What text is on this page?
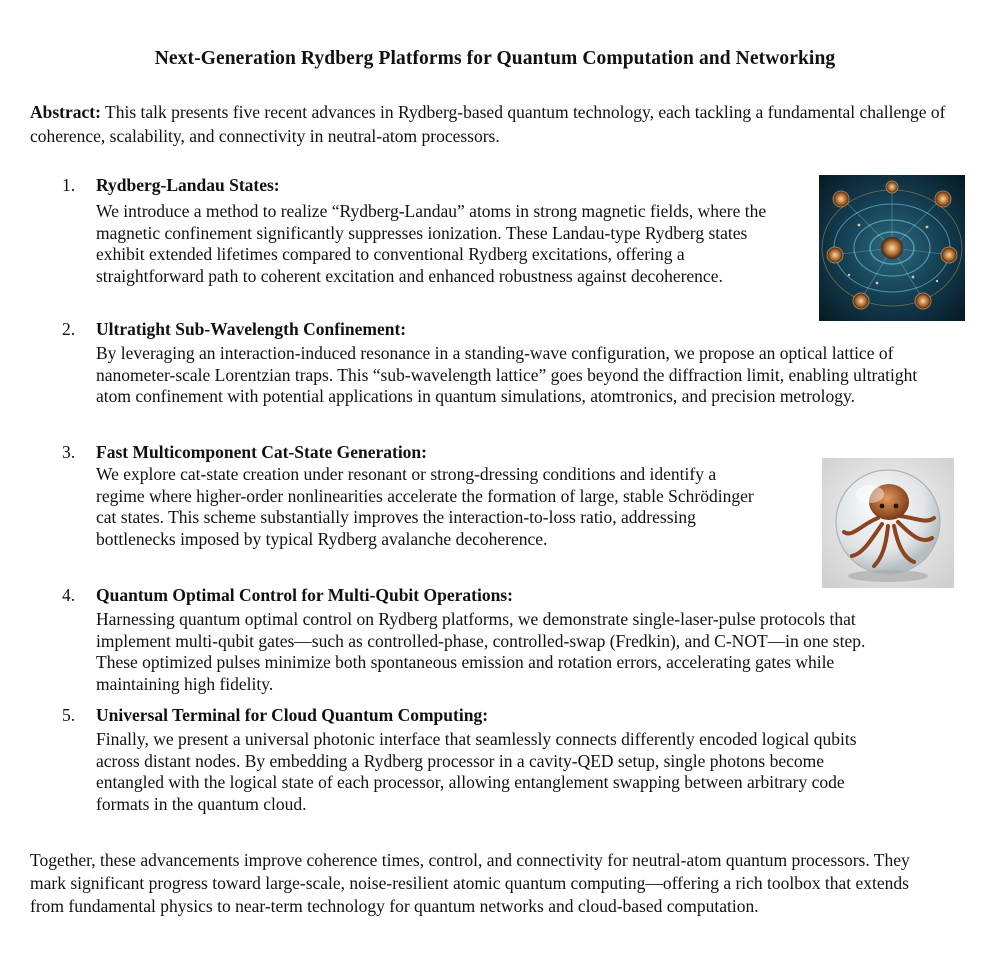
Next-Generation Rydberg Platforms for Quantum Computation and Networking
Abstract: This talk presents five recent advances in Rydberg-based quantum technology, each tackling a fundamental challenge of coherence, scalability, and connectivity in neutral-atom processors.
1.	Rydberg-Landau States:
We introduce a method to realize “Rydberg-Landau” atoms in strong magnetic fields, where the magnetic confinement significantly suppresses ionization. These Landau-type Rydberg states exhibit extended lifetimes compared to conventional Rydberg excitations, offering a straightforward path to coherent excitation and enhanced robustness against decoherence.
2.	Ultratight Sub-Wavelength Confinement:
By leveraging an interaction-induced resonance in a standing-wave configuration, we propose an optical lattice of nanometer-scale Lorentzian traps. This “sub-wavelength lattice” goes beyond the diffraction limit, enabling ultratight atom confinement with potential applications in quantum simulations, atomtronics, and precision metrology.
3.	Fast Multicomponent Cat-State Generation:
We explore cat-state creation under resonant or strong-dressing conditions and identify a regime where higher-order nonlinearities accelerate the formation of large, stable Schrödinger cat states. This scheme substantially improves the interaction-to-loss ratio, addressing bottlenecks imposed by typical Rydberg avalanche decoherence.
4.	Quantum Optimal Control for Multi-Qubit Operations:
Harnessing quantum optimal control on Rydberg platforms, we demonstrate single-laser-pulse protocols that implement multi-qubit gates—such as controlled-phase, controlled-swap (Fredkin), and C-NOT—in one step. These optimized pulses minimize both spontaneous emission and rotation errors, accelerating gates while maintaining high fidelity.
5.	Universal Terminal for Cloud Quantum Computing:
Finally, we present a universal photonic interface that seamlessly connects differently encoded logical qubits across distant nodes. By embedding a Rydberg processor in a cavity-QED setup, single photons become entangled with the logical state of each processor, allowing entanglement swapping between arbitrary code formats in the quantum cloud.
Together, these advancements improve coherence times, control, and connectivity for neutral-atom quantum processors. They mark significant progress toward large-scale, noise-resilient atomic quantum computing—offering a rich toolbox that extends from fundamental physics to near-term technology for quantum networks and cloud-based computation.
